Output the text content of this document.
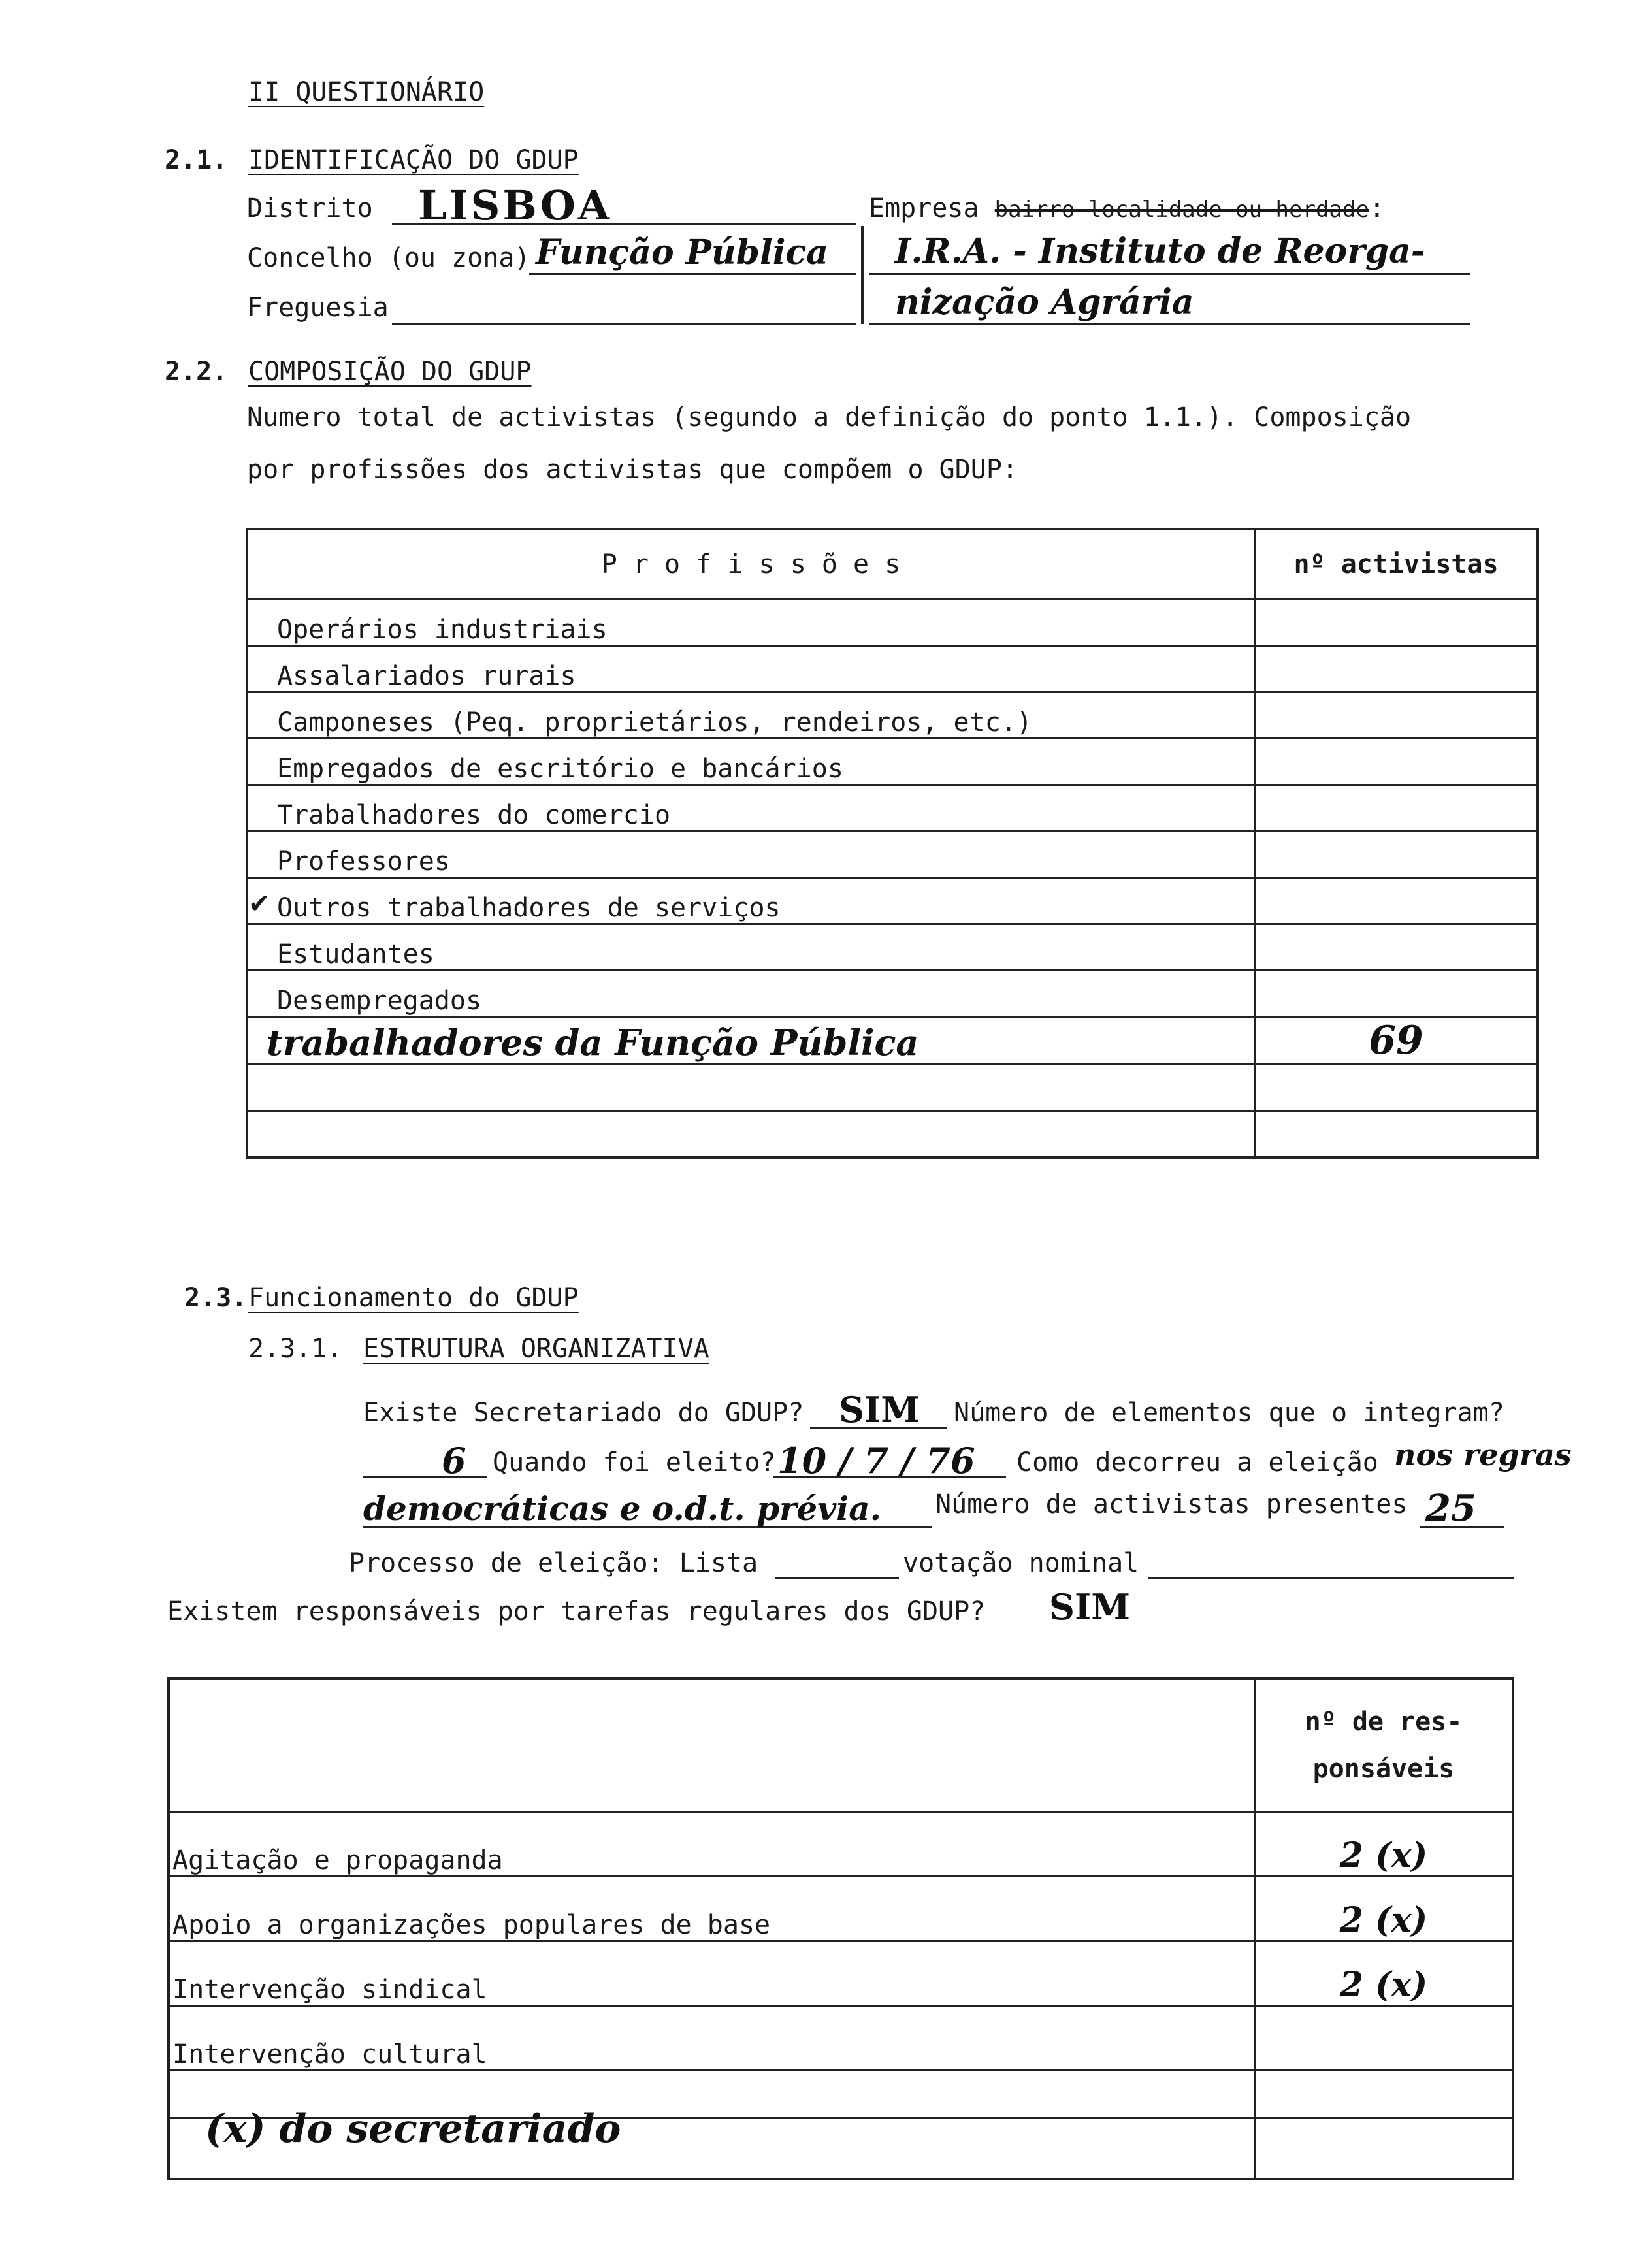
II QUESTIONÁRIO
2.1. IDENTIFICAÇÃO DO GDUP
Distrito LISBOA
Concelho (ou zona) Função Pública
Freguesia
Empresa bairro localidade ou herdade:
I.R.A. - Instituto de Reorga-
nização Agrária
2.2. COMPOSIÇÃO DO GDUP
Numero total de activistas (segundo a definição do ponto 1.1.). Composição
por profissões dos activistas que compõem o GDUP:
P r o f i s s õ e s	nº activistas
Operários industriais	
Assalariados rurais	
Camponeses (Peq. proprietários, rendeiros, etc.)	
Empregados de escritório e bancários	
Trabalhadores do comercio	
Professores	

✔ Outros trabalhadores de serviços	
Estudantes	
Desempregados	
trabalhadores da Função Pública	69

2.3. Funcionamento do GDUP
2.3.1. ESTRUTURA ORGANIZATIVA
Existe Secretariado do GDUP? SIM Número de elementos que o integram?
6 Quando foi eleito? 10 / 7 / 76 Como decorreu a eleição nos regras
democráticas e o.d.t. prévia. Número de activistas presentes 25
Processo de eleição: Lista	votação nominal
Existem responsáveis por tarefas regulares dos GDUP? SIM

	nº de res-
ponsáveis

Agitação e propaganda	2 (x)
Apoio a organizações populares de base	2 (x)
Intervenção sindical	2 (x)
Intervenção cultural	

(x) do secretariado
